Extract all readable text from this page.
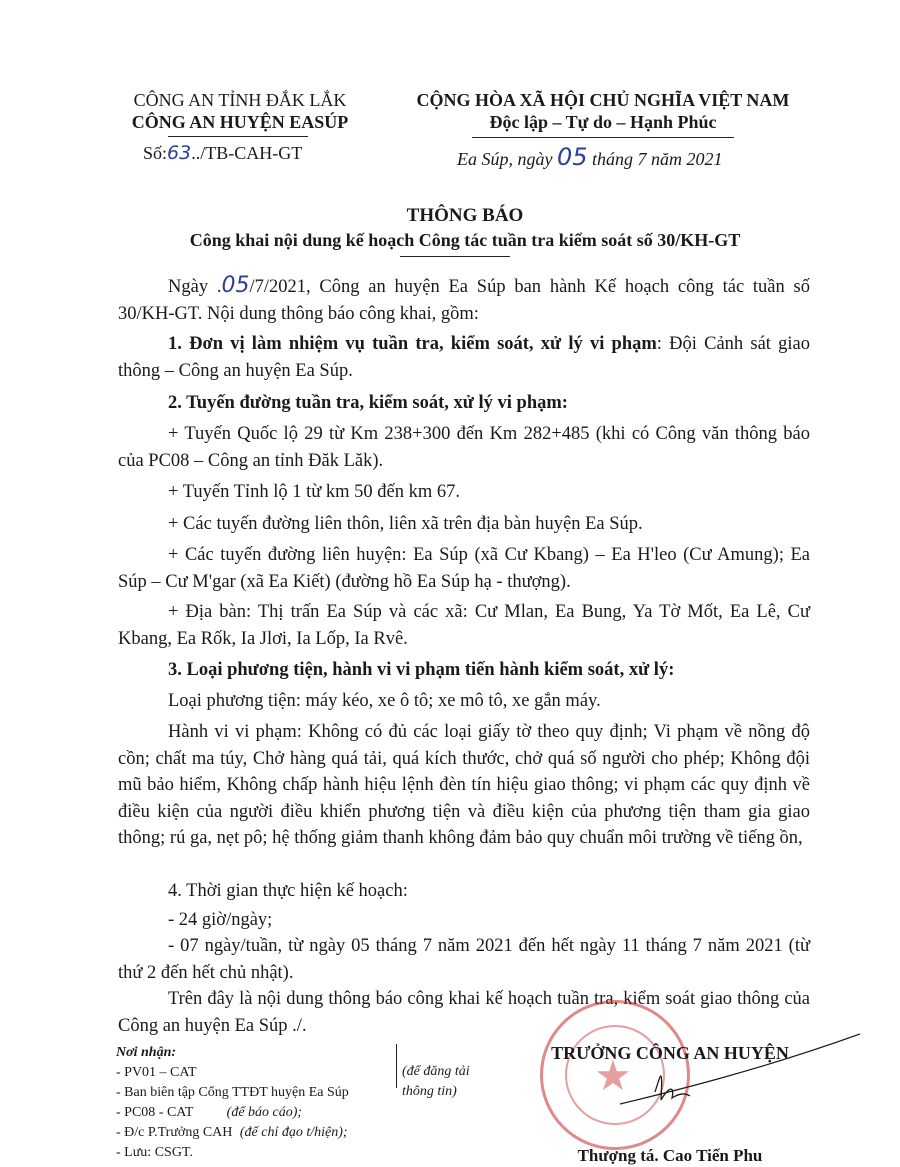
CÔNG AN TỈNH ĐẮK LẮK
CÔNG AN HUYỆN EASÚP
Số:63../TB-CAH-GT
CỘNG HÒA XÃ HỘI CHỦ NGHĨA VIỆT NAM
Độc lập – Tự do – Hạnh Phúc
Ea Súp, ngày 05 tháng 7 năm 2021
THÔNG BÁO
Công khai nội dung kế hoạch Công tác tuần tra kiểm soát số 30/KH-GT
Ngày .05/7/2021, Công an huyện Ea Súp ban hành Kế hoạch công tác tuần số 30/KH-GT. Nội dung thông báo công khai, gồm:
1. Đơn vị làm nhiệm vụ tuần tra, kiểm soát, xử lý vi phạm: Đội Cảnh sát giao thông – Công an huyện Ea Súp.
2. Tuyến đường tuần tra, kiểm soát, xử lý vi phạm:
+ Tuyến Quốc lộ 29 từ Km 238+300 đến Km 282+485 (khi có Công văn thông báo của PC08 – Công an tỉnh Đăk Lăk).
+ Tuyến Tỉnh lộ 1 từ km 50 đến km 67.
+ Các tuyến đường liên thôn, liên xã trên địa bàn huyện Ea Súp.
+ Các tuyến đường liên huyện: Ea Súp (xã Cư Kbang) – Ea H'leo (Cư Amung); Ea Súp – Cư M'gar (xã Ea Kiết) (đường hồ Ea Súp hạ - thượng).
+ Địa bàn: Thị trấn Ea Súp và các xã: Cư Mlan, Ea Bung, Ya Tờ Mốt, Ea Lê, Cư Kbang, Ea Rốk, Ia Jlơi, Ia Lốp, Ia Rvê.
3. Loại phương tiện, hành vi vi phạm tiến hành kiểm soát, xử lý:
Loại phương tiện: máy kéo, xe ô tô; xe mô tô, xe gắn máy.
Hành vi vi phạm: Không có đủ các loại giấy tờ theo quy định; Vi phạm về nồng độ cồn; chất ma túy, Chở hàng quá tải, quá kích thước, chở quá số người cho phép; Không đội mũ bảo hiểm, Không chấp hành hiệu lệnh đèn tín hiệu giao thông; vi phạm các quy định về điều kiện của người điều khiển phương tiện và điều kiện của phương tiện tham gia giao thông; rú ga, nẹt pô; hệ thống giảm thanh không đảm bảo quy chuẩn môi trường về tiếng ồn,
4. Thời gian thực hiện kế hoạch:
- 24 giờ/ngày;
- 07 ngày/tuần, từ ngày 05 tháng 7 năm 2021 đến hết ngày 11 tháng 7 năm 2021 (từ thứ 2 đến hết chủ nhật).
Trên đây là nội dung thông báo công khai kế hoạch tuần tra, kiểm soát giao thông của Công an huyện Ea Súp ./.
Nơi nhận:
- PV01 – CAT
- Ban biên tập Cổng TTĐT huyện Ea Súp
- PC08 - CAT (để báo cáo);
- Đ/c P.Trưởng CAH (để chỉ đạo t/hiện);
- Lưu: CSGT.
(để đăng tải
thông tin)	★
TRƯỞNG CÔNG AN HUYỆN
Thượng tá. Cao Tiến Phu
